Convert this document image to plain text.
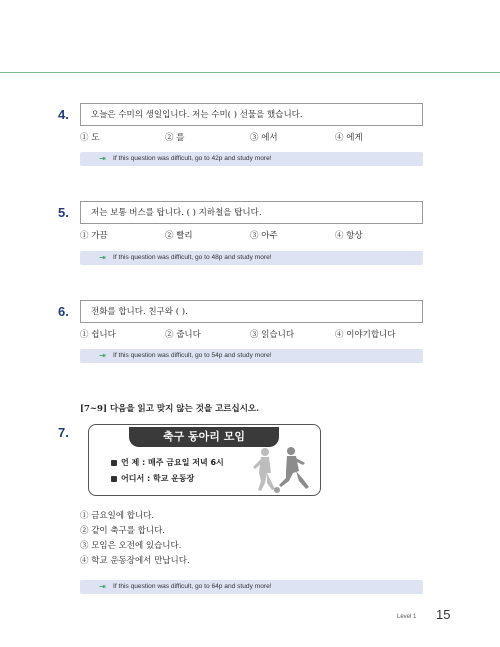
4.	오늘은 수미의 생일입니다. 저는 수미( ) 선물을 했습니다.
① 도	② 를	③ 에서	④ 에게
⇥ If this question was difficult, go to 42p and study more!
5.	저는 보통 버스를 탑니다. ( ) 지하철을 탑니다.
① 가끔	② 빨리	③ 아주	④ 항상
⇥ If this question was difficult, go to 48p and study more!
6.	전화를 합니다. 친구와 ( ).
① 쉽니다	② 줍니다	③ 읽습니다	④ 이야기합니다
⇥ If this question was difficult, go to 54p and study more!
[7~9] 다음을 읽고 맞지 않는 것을 고르십시오.
7.	축구 동아리 모임
언 제 : 매주 금요일 저녁 6시
어디서 : 학교 운동장
① 금요일에 합니다.
② 같이 축구를 합니다.
③ 모임은 오전에 있습니다.
④ 학교 운동장에서 만납니다.
⇥ If this question was difficult, go to 64p and study more!
Level 1 15
